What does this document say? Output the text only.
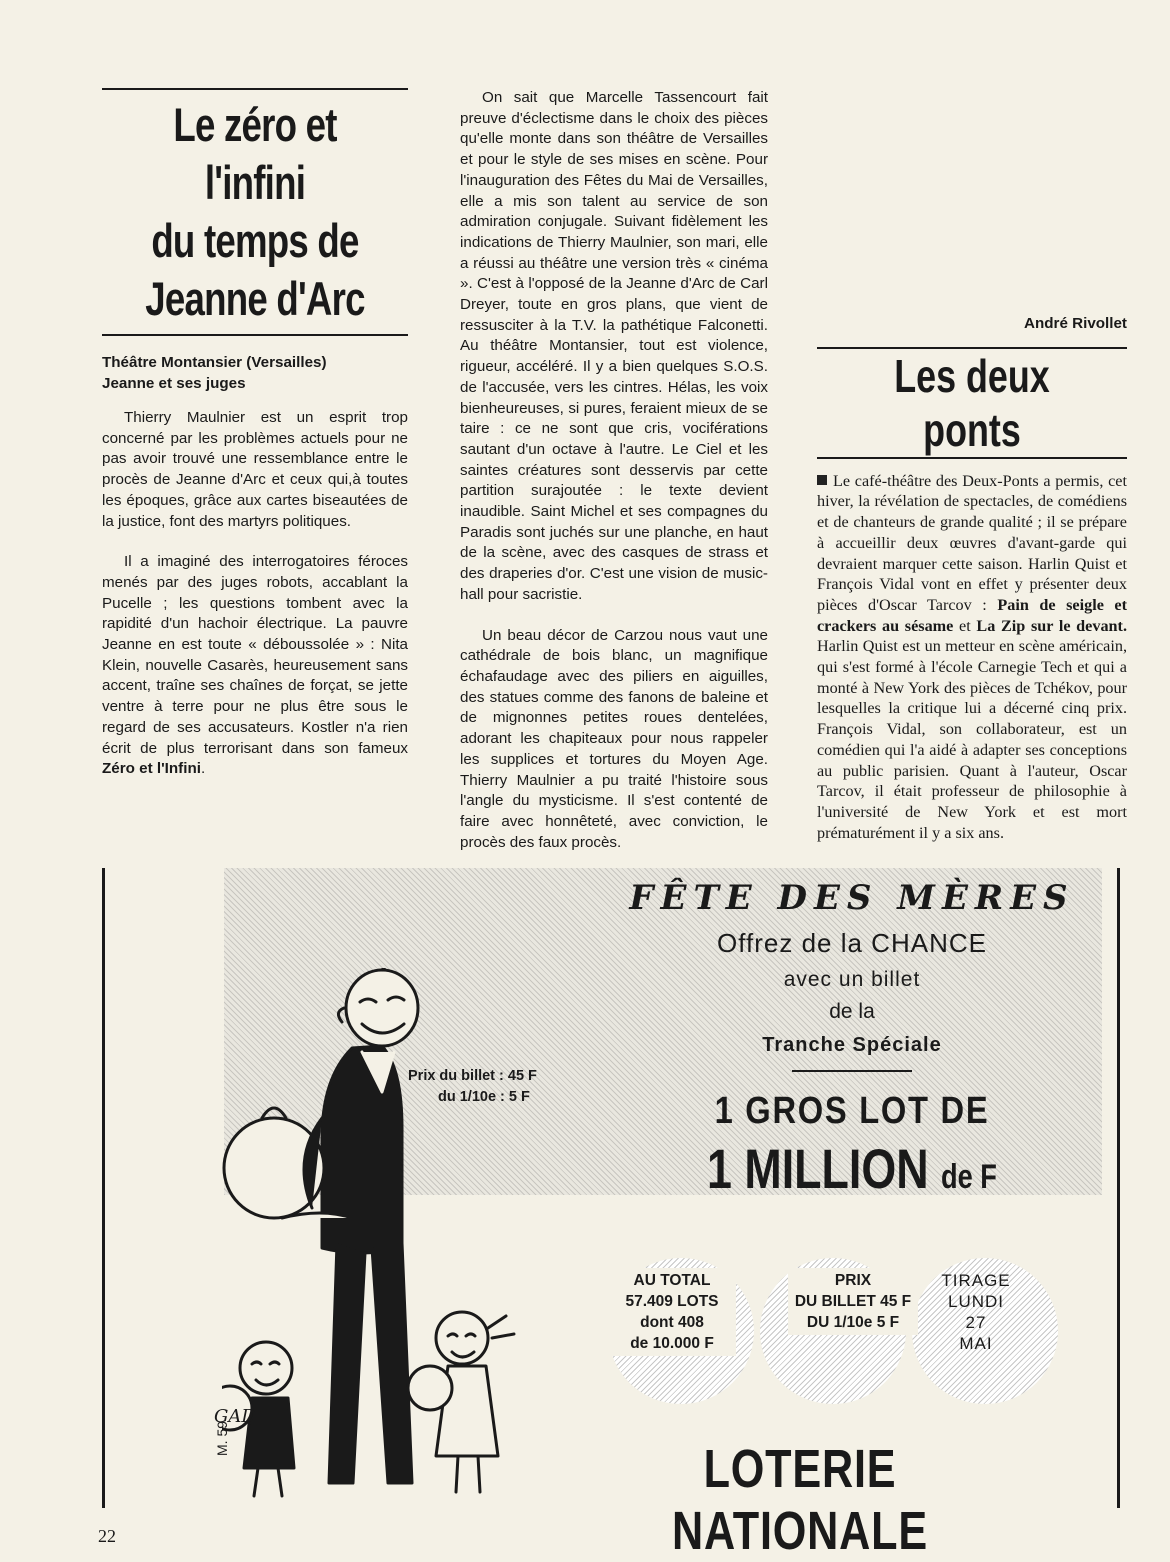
Le zéro et l'infini
du temps de
Jeanne d'Arc
Théâtre Montansier (Versailles)
Jeanne et ses juges

Thierry Maulnier est un esprit trop concerné par les problèmes actuels pour ne pas avoir trouvé une ressemblance entre le procès de Jeanne d'Arc et ceux qui,à toutes les époques, grâce aux cartes biseautées de la justice, font des martyrs politiques.

Il a imaginé des interrogatoires féroces menés par des juges robots, accablant la Pucelle ; les questions tombent avec la rapidité d'un hachoir électrique. La pauvre Jeanne en est toute « déboussolée » : Nita Klein, nouvelle Casarès, heureusement sans accent, traîne ses chaînes de forçat, se jette ventre à terre pour ne plus être sous le regard de ses accusateurs. Kostler n'a rien écrit de plus terrorisant dans son fameux Zéro et l'Infini.

On sait que Marcelle Tassencourt fait preuve d'éclectisme dans le choix des pièces qu'elle monte dans son théâtre de Versailles et pour le style de ses mises en scène. Pour l'inauguration des Fêtes du Mai de Versailles, elle a mis son talent au service de son admiration conjugale. Suivant fidèlement les indications de Thierry Maulnier, son mari, elle a réussi au théâtre une version très « cinéma ». C'est à l'opposé de la Jeanne d'Arc de Carl Dreyer, toute en gros plans, que vient de ressusciter à la T.V. la pathétique Falconetti. Au théâtre Montansier, tout est violence, rigueur, accéléré. Il y a bien quelques S.O.S. de l'accusée, vers les cintres. Hélas, les voix bienheureuses, si pures, feraient mieux de se taire : ce ne sont que cris, vociférations sautant d'un octave à l'autre. Le Ciel et les saintes créatures sont desservis par cette partition surajoutée : le texte devient inaudible. Saint Michel et ses compagnes du Paradis sont juchés sur une planche, en haut de la scène, avec des casques de strass et des draperies d'or. C'est une vision de music-hall pour sacristie.

Un beau décor de Carzou nous vaut une cathédrale de bois blanc, un magnifique échafaudage avec des piliers en aiguilles, des statues comme des fanons de baleine et de mignonnes petites roues dentelées, adorant les chapiteaux pour nous rappeler les supplices et tortures du Moyen Age. Thierry Maulnier a pu traité l'histoire sous l'angle du mysticisme. Il s'est contenté de faire avec honnêteté, avec conviction, le procès des faux procès.

André Rivollet

Les deux ponts

Le café-théâtre des Deux-Ponts a permis, cet hiver, la révélation de spectacles, de comédiens et de chanteurs de grande qualité ; il se prépare à accueillir deux œuvres d'avant-garde qui devraient marquer cette saison. Harlin Quist et François Vidal vont en effet y présenter deux pièces d'Oscar Tarcov : Pain de seigle et crackers au sésame et La Zip sur le devant. Harlin Quist est un metteur en scène américain, qui s'est formé à l'école Carnegie Tech et qui a monté à New York des pièces de Tchékov, pour lesquelles la critique lui a décerné cinq prix. François Vidal, son collaborateur, est un comédien qui l'a aidé à adapter ses conceptions au public parisien. Quant à l'auteur, Oscar Tarcov, il était professeur de philosophie à l'université de New York et est mort prématurément il y a six ans.

FÊTE DES MÈRES
Offrez de la CHANCE
avec un billet
de la
Tranche Spéciale
1 GROS LOT DE
1 MILLION de F
Prix du billet : 45 F
du 1/10e : 5 F
GAD -
AU TOTAL
57.409 LOTS
dont 408
de 10.000 F
PRIX
DU BILLET 45 F
DU 1/10e 5 F
TIRAGE
LUNDI
27
MAI
M. 59
LOTERIE NATIONALE
22
